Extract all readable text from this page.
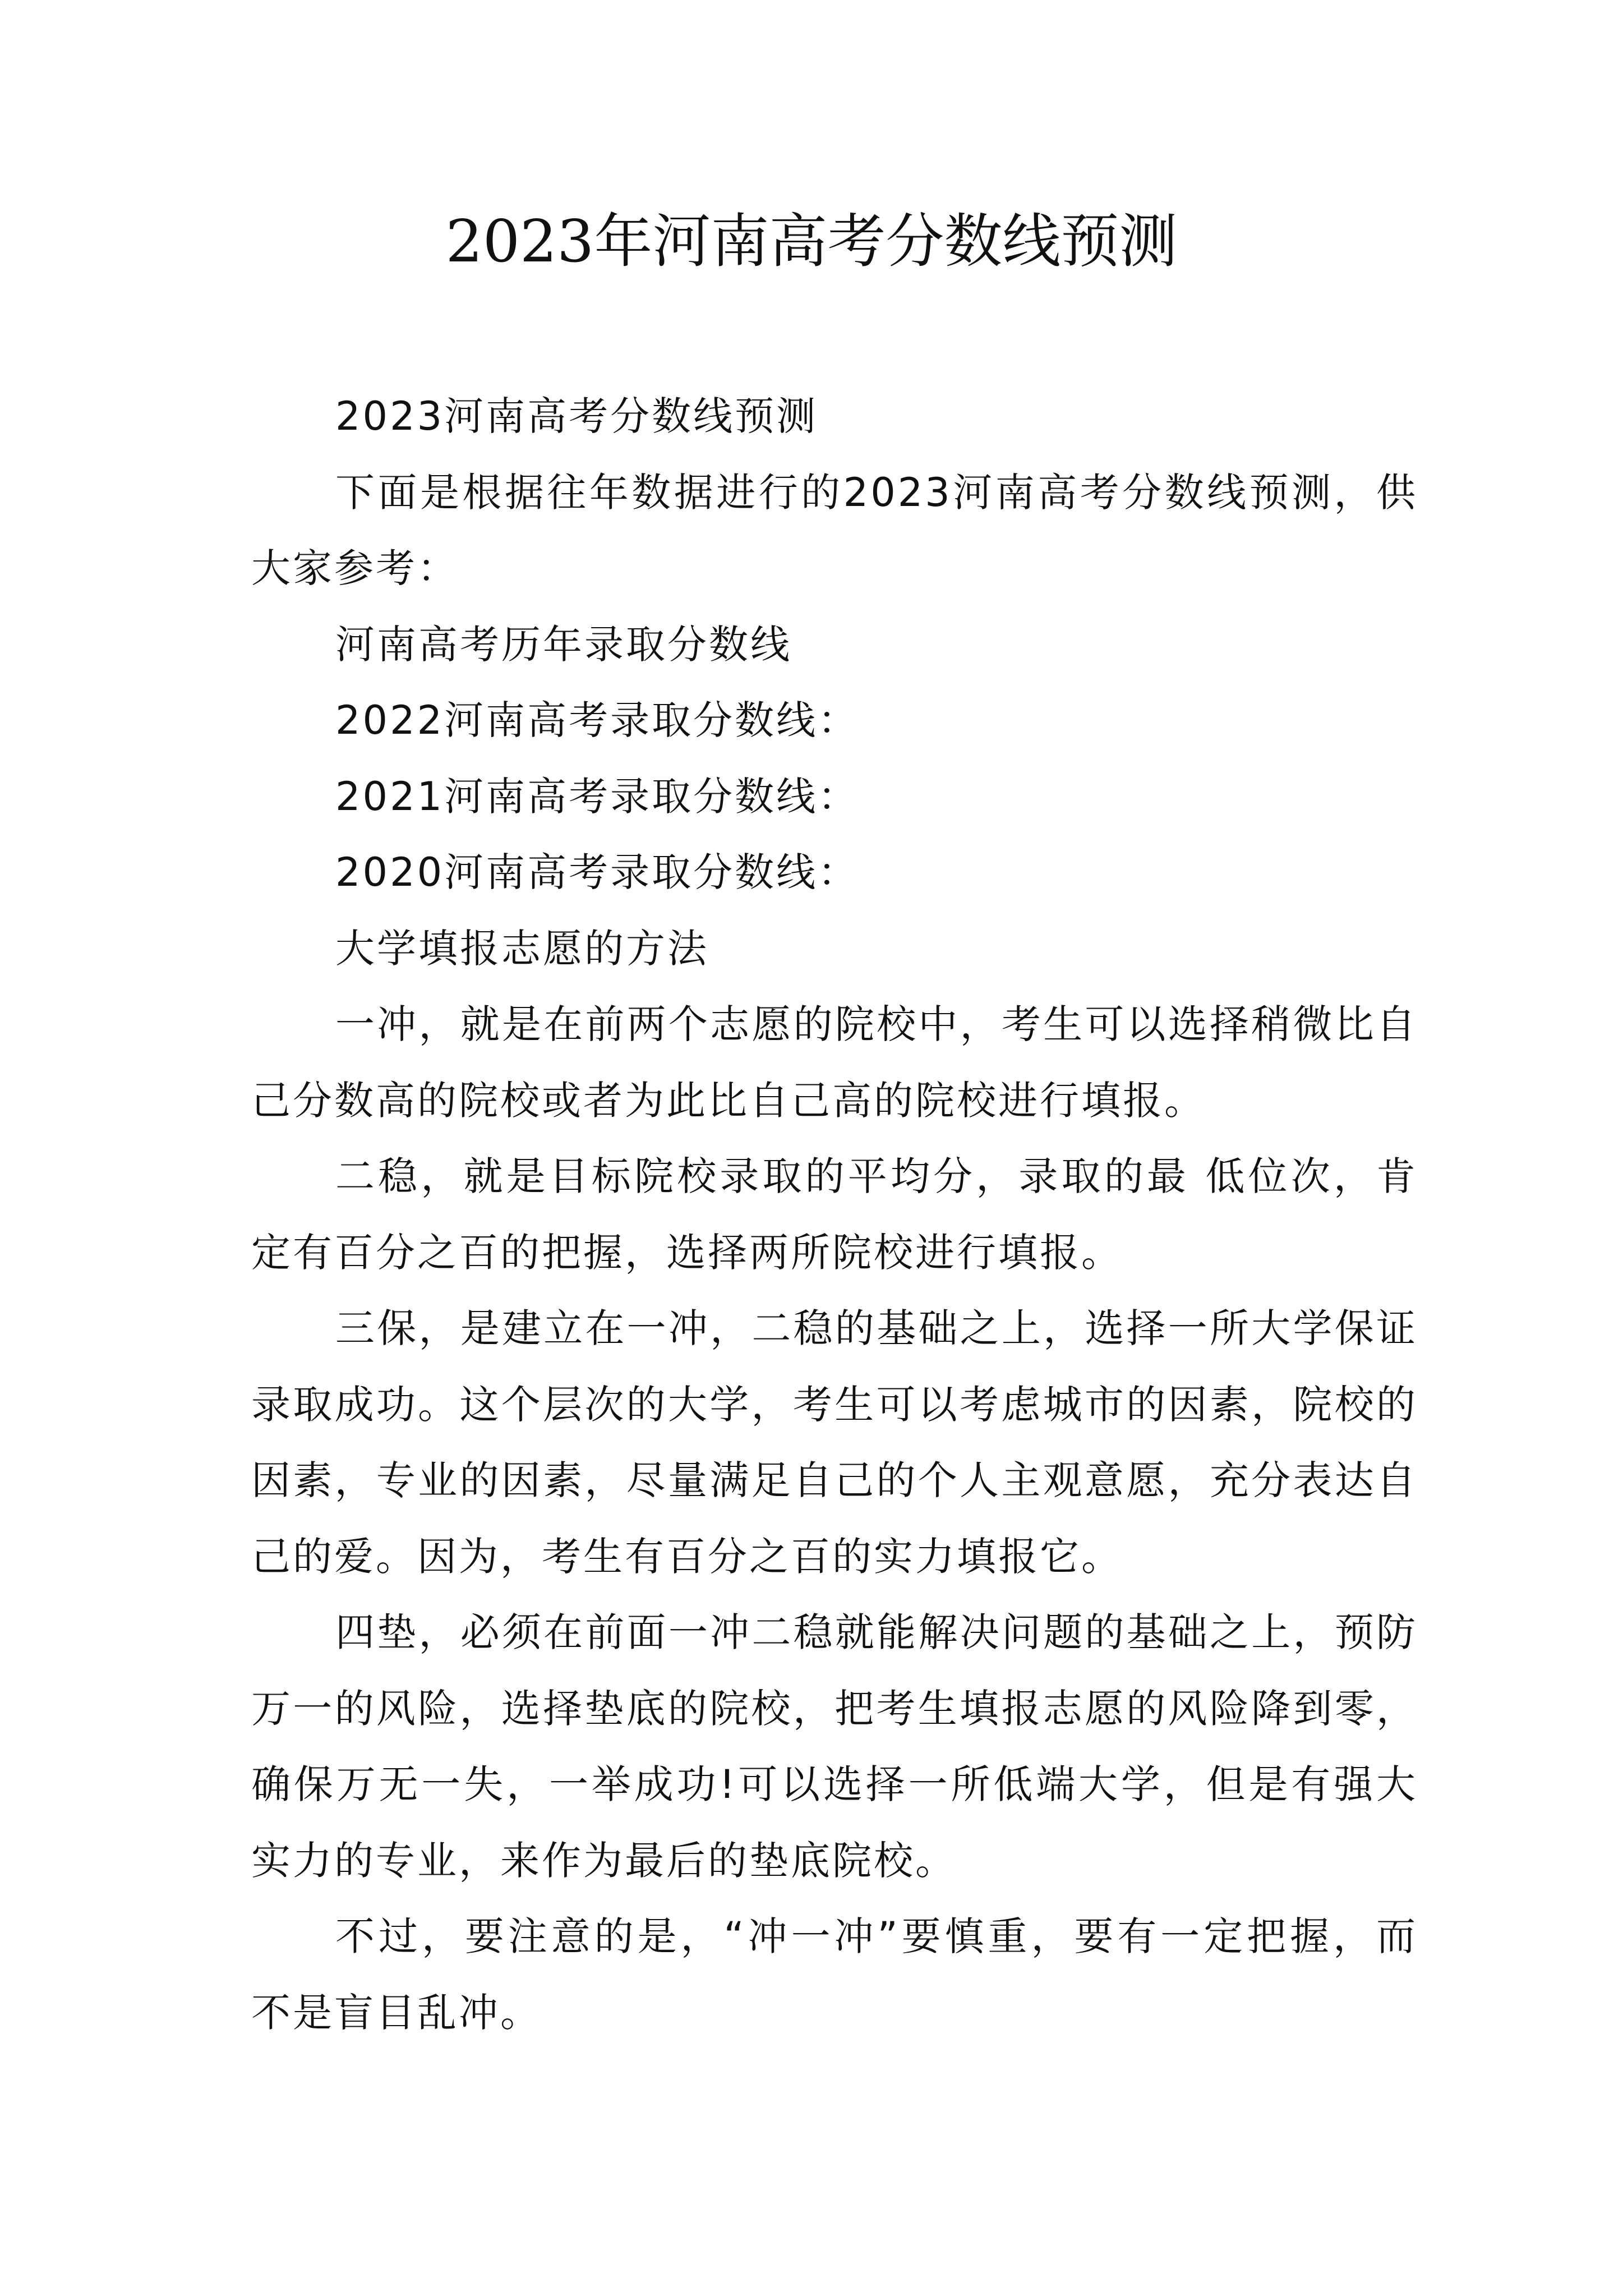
2023年河南高考分数线预测

2023河南高考分数线预测

下面是根据往年数据进行的2023河南高考分数线预测，供大家参考：

河南高考历年录取分数线

2022河南高考录取分数线：

2021河南高考录取分数线：

2020河南高考录取分数线：

大学填报志愿的方法

一冲，就是在前两个志愿的院校中，考生可以选择稍微比自己分数高的院校或者为此比自己高的院校进行填报。

二稳，就是目标院校录取的平均分，录取的最 低位次，肯定有百分之百的把握，选择两所院校进行填报。

三保，是建立在一冲，二稳的基础之上，选择一所大学保证录取成功。这个层次的大学，考生可以考虑城市的因素，院校的因素，专业的因素，尽量满足自己的个人主观意愿，充分表达自己的爱。因为，考生有百分之百的实力填报它。

四垫，必须在前面一冲二稳就能解决问题的基础之上，预防万一的风险，选择垫底的院校，把考生填报志愿的风险降到零，确保万无一失，一举成功!可以选择一所低端大学，但是有强大实力的专业，来作为最后的垫底院校。

不过，要注意的是，“冲一冲”要慎重，要有一定把握，而不是盲目乱冲。
